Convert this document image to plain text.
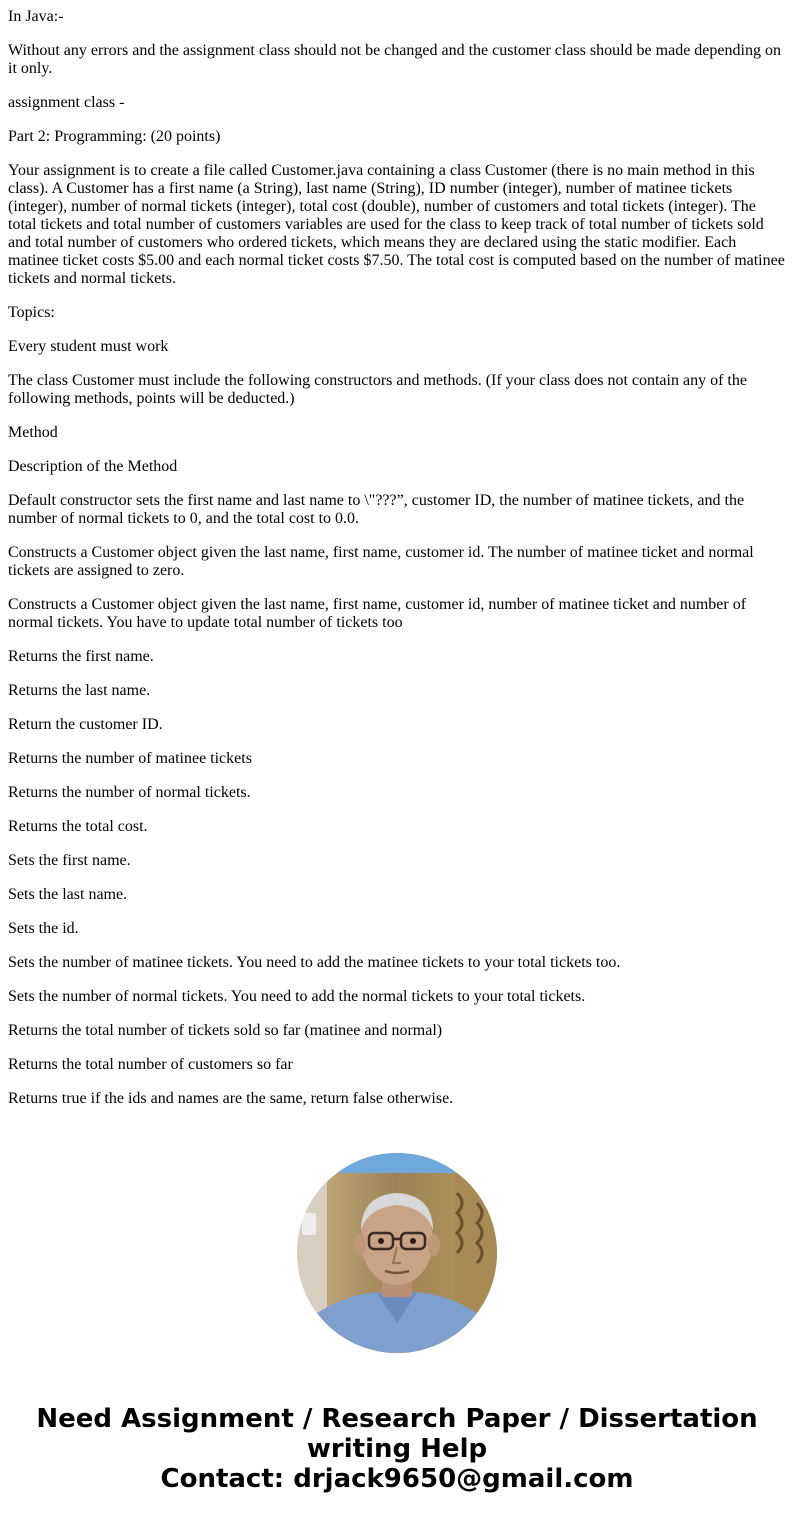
In Java:-

Without any errors and the assignment class should not be changed and the customer class should be made depending on it only.

assignment class -

Part 2: Programming: (20 points)

Your assignment is to create a file called Customer.java containing a class Customer (there is no main method in this class). A Customer has a first name (a String), last name (String), ID number (integer), number of matinee tickets (integer), number of normal tickets (integer), total cost (double), number of customers and total tickets (integer). The total tickets and total number of customers variables are used for the class to keep track of total number of tickets sold and total number of customers who ordered tickets, which means they are declared using the static modifier. Each matinee ticket costs $5.00 and each normal ticket costs $7.50. The total cost is computed based on the number of matinee tickets and normal tickets.

Topics:

Every student must work

The class Customer must include the following constructors and methods. (If your class does not contain any of the following methods, points will be deducted.)

Method

Description of the Method

Default constructor sets the first name and last name to \"???”, customer ID, the number of matinee tickets, and the number of normal tickets to 0, and the total cost to 0.0.

Constructs a Customer object given the last name, first name, customer id. The number of matinee ticket and normal tickets are assigned to zero.

Constructs a Customer object given the last name, first name, customer id, number of matinee ticket and number of normal tickets. You have to update total number of tickets too

Returns the first name.

Returns the last name.

Return the customer ID.

Returns the number of matinee tickets

Returns the number of normal tickets.

Returns the total cost.

Sets the first name.

Sets the last name.

Sets the id.

Sets the number of matinee tickets. You need to add the matinee tickets to your total tickets too.

Sets the number of normal tickets. You need to add the normal tickets to your total tickets.

Returns the total number of tickets sold so far (matinee and normal)

Returns the total number of customers so far

Returns true if the ids and names are the same, return false otherwise.

Need Assignment / Research Paper / Dissertation
writing Help
Contact: drjack9650@gmail.com
